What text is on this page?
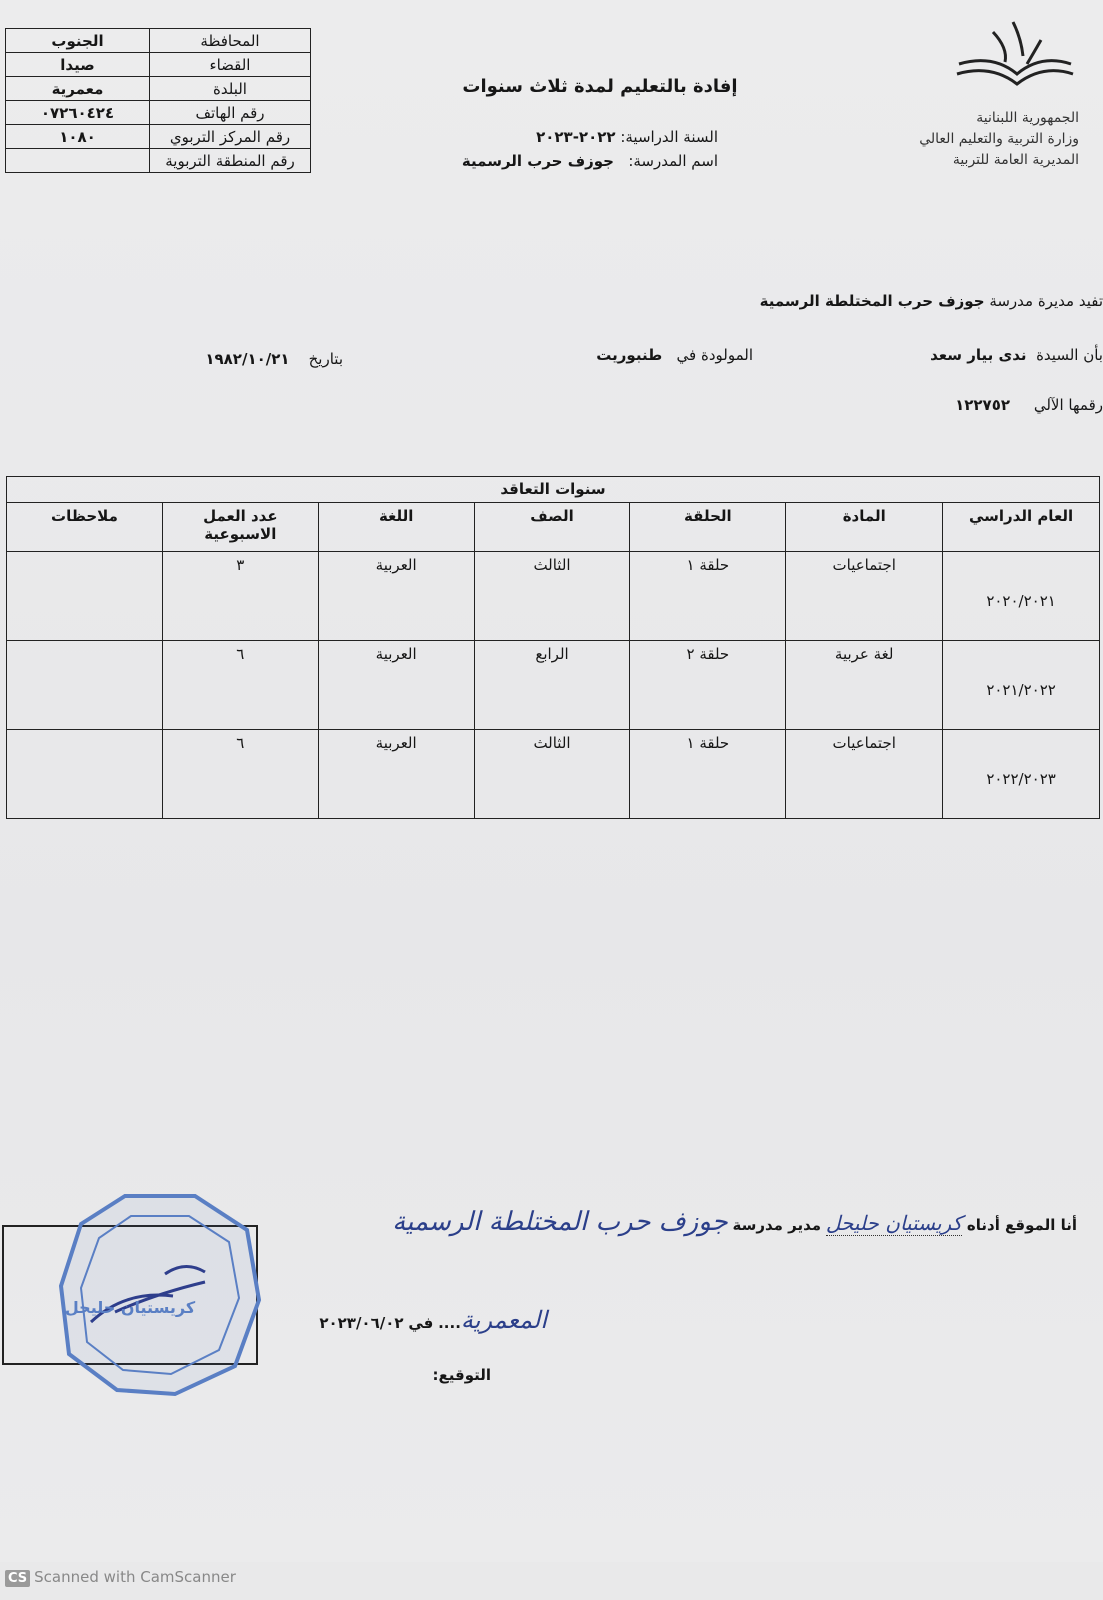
المحافظة	الجنوب
القضاء	صيدا
البلدة	معمرية
رقم الهاتف	٠٧٢٦٠٤٢٤
رقم المركز التربوي	١٠٨٠
رقم المنطقة التربوية	
الجمهورية اللبنانية
وزارة التربية والتعليم العالي
المديرية العامة للتربية
إفادة بالتعليم لمدة ثلاث سنوات
السنة الدراسية: ٢٠٢٢-٢٠٢٣
اسم المدرسة:   جوزف حرب الرسمية
تفيد مديرة مدرسة جوزف حرب المختلطة الرسمية
بأن السيدة  ندى بيار سعد
المولودة في   طنبوريت
بتاريخ    ١٩٨٢/١٠/٢١
رقمها الآلي     ١٢٢٧٥٢
سنوات التعاقد						
العام الدراسي	المادة	الحلقة	الصف	اللغة	عدد العمل الاسبوعية	ملاحظات
٢٠٢٠/٢٠٢١	اجتماعيات	حلقة ١	الثالث	العربية	٣	
٢٠٢١/٢٠٢٢	لغة عربية	حلقة ٢	الرابع	العربية	٦	
٢٠٢٢/٢٠٢٣	اجتماعيات	حلقة ١	الثالث	العربية	٦	
أنا الموقع أدناه كريستيان حليحل مدير مدرسة جوزف حرب المختلطة الرسمية
المعمرية.... في ٢٠٢٣/٠٦/٠٢
التوقيع:
كريستيان حليحل
CS Scanned with CamScanner
